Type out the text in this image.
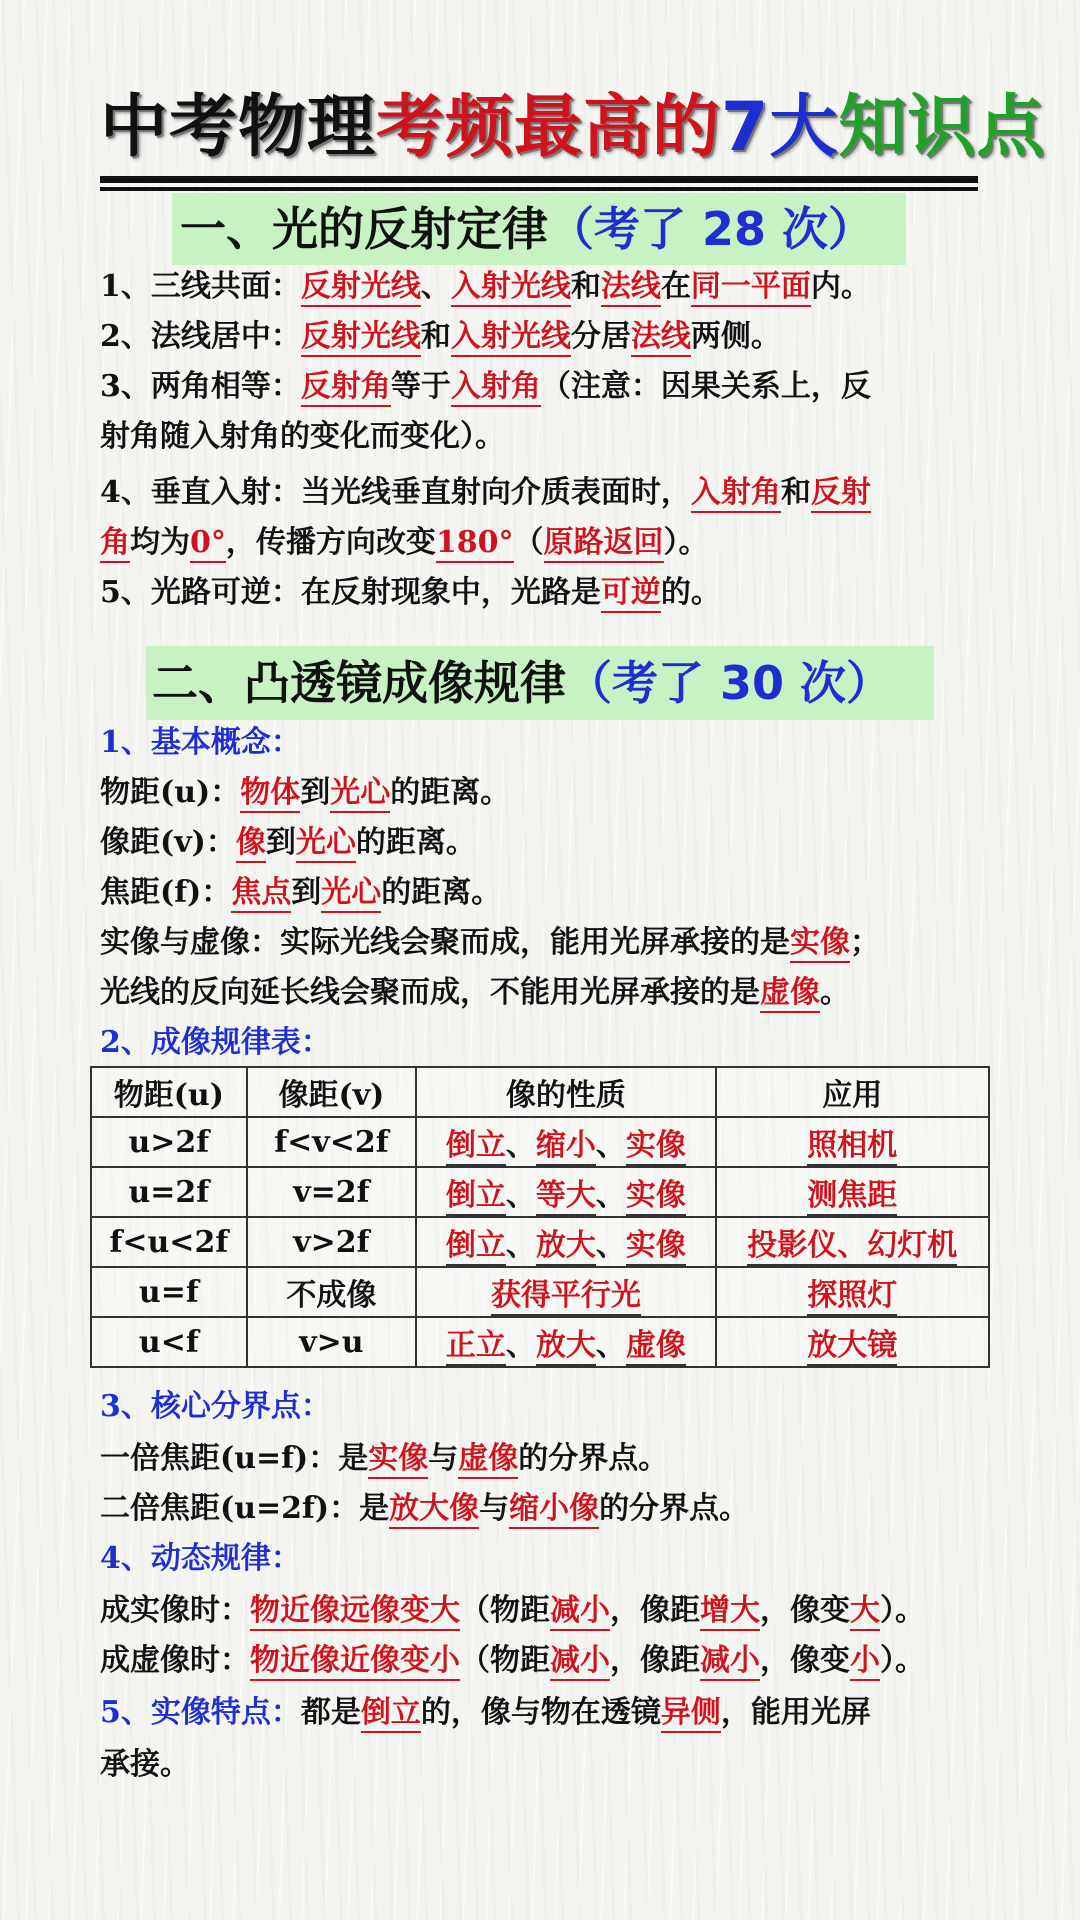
中考物理考频最高的7大知识点
一、光的反射定律（考了 28 次）
1、三线共面：反射光线、入射光线和法线在同一平面内。
2、法线居中：反射光线和入射光线分居法线两侧。
3、两角相等：反射角等于入射角（注意：因果关系上，反
射角随入射角的变化而变化）。
4、垂直入射：当光线垂直射向介质表面时，入射角和反射
角均为0°，传播方向改变180°（原路返回）。
5、光路可逆：在反射现象中，光路是可逆的。
二、凸透镜成像规律（考了 30 次）
1、基本概念：
物距(u)：物体到光心的距离。
像距(v)：像到光心的距离。
焦距(f)：焦点到光心的距离。
实像与虚像：实际光线会聚而成，能用光屏承接的是实像；
光线的反向延长线会聚而成，不能用光屏承接的是虚像。
2、成像规律表：
物距(u)	像距(v)	像的性质	应用
u>2f	f<v<2f	倒立、缩小、实像	照相机
u=2f	v=2f	倒立、等大、实像	测焦距
f<u<2f	v>2f	倒立、放大、实像	投影仪、幻灯机
u=f	不成像	获得平行光	探照灯
u<f	v>u	正立、放大、虚像	放大镜
3、核心分界点：
一倍焦距(u=f)：是实像与虚像的分界点。
二倍焦距(u=2f)：是放大像与缩小像的分界点。
4、动态规律：
成实像时：物近像远像变大（物距减小，像距增大，像变大）。
成虚像时：物近像近像变小（物距减小，像距减小，像变小）。
5、实像特点：都是倒立的，像与物在透镜异侧，能用光屏
承接。
